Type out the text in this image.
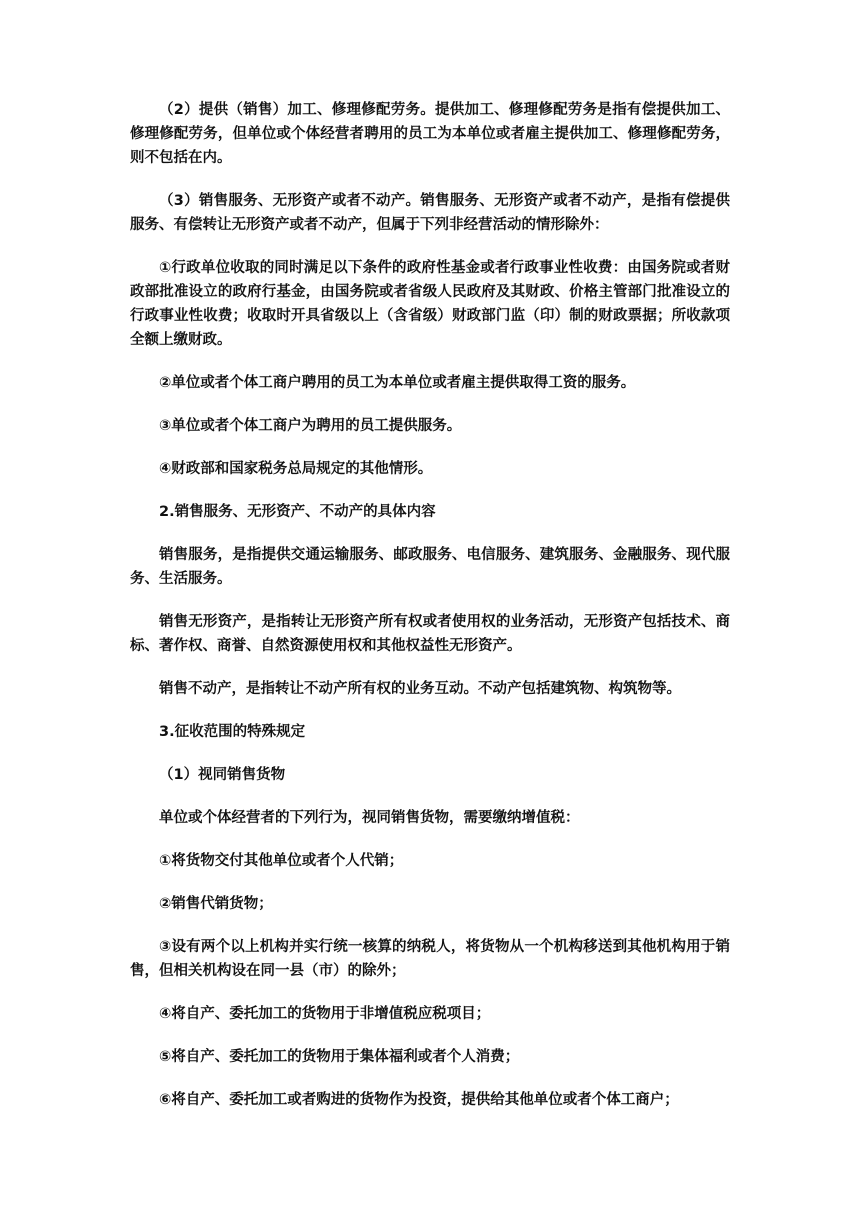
（2）提供（销售）加工、修理修配劳务。提供加工、修理修配劳务是指有偿提供加工、修理修配劳务，但单位或个体经营者聘用的员工为本单位或者雇主提供加工、修理修配劳务，则不包括在内。

（3）销售服务、无形资产或者不动产。销售服务、无形资产或者不动产，是指有偿提供服务、有偿转让无形资产或者不动产，但属于下列非经营活动的情形除外：

①行政单位收取的同时满足以下条件的政府性基金或者行政事业性收费：由国务院或者财政部批准设立的政府行基金，由国务院或者省级人民政府及其财政、价格主管部门批准设立的行政事业性收费；收取时开具省级以上（含省级）财政部门监（印）制的财政票据；所收款项全额上缴财政。

②单位或者个体工商户聘用的员工为本单位或者雇主提供取得工资的服务。

③单位或者个体工商户为聘用的员工提供服务。

④财政部和国家税务总局规定的其他情形。

2.销售服务、无形资产、不动产的具体内容

销售服务，是指提供交通运输服务、邮政服务、电信服务、建筑服务、金融服务、现代服务、生活服务。

销售无形资产，是指转让无形资产所有权或者使用权的业务活动，无形资产包括技术、商标、著作权、商誉、自然资源使用权和其他权益性无形资产。

销售不动产，是指转让不动产所有权的业务互动。不动产包括建筑物、构筑物等。

3.征收范围的特殊规定

（1）视同销售货物

单位或个体经营者的下列行为，视同销售货物，需要缴纳增值税：

①将货物交付其他单位或者个人代销；

②销售代销货物；

③设有两个以上机构并实行统一核算的纳税人，将货物从一个机构移送到其他机构用于销售，但相关机构设在同一县（市）的除外；

④将自产、委托加工的货物用于非增值税应税项目；

⑤将自产、委托加工的货物用于集体福利或者个人消费；

⑥将自产、委托加工或者购进的货物作为投资，提供给其他单位或者个体工商户；
